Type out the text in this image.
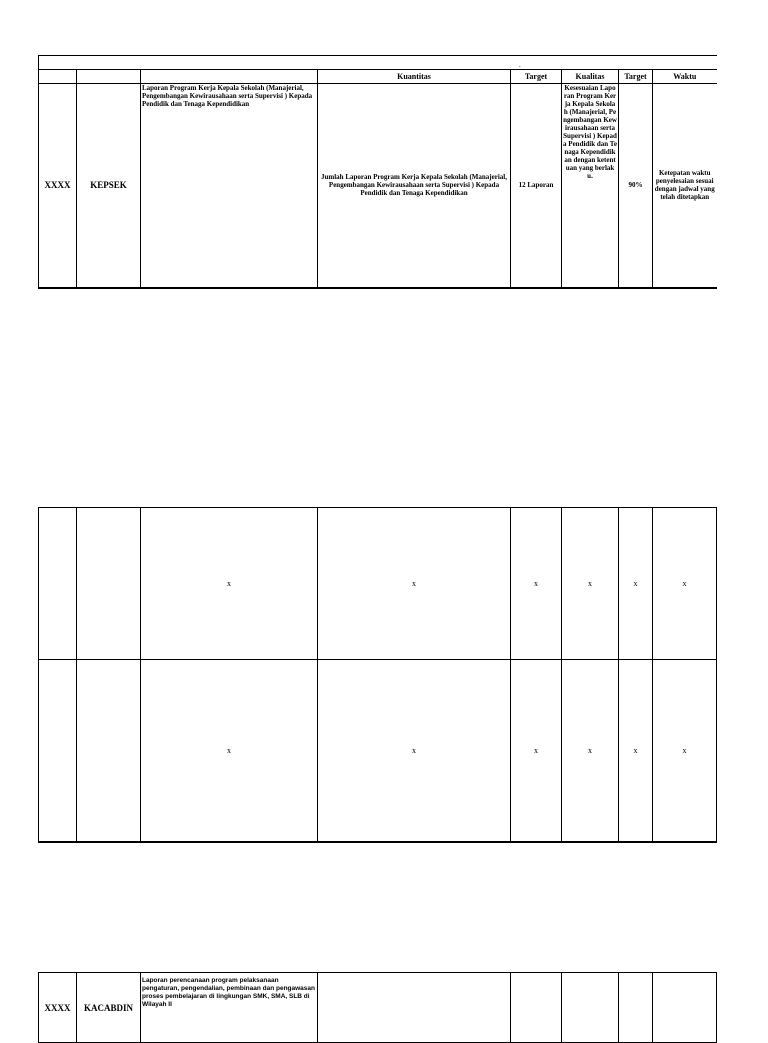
.							
			Kuantitas	Target	Kualitas	Target	Waktu
XXXX	KEPSEK	Laporan Program Kerja Kepala Sekolah (Manajerial, Pengembangan Kewirausahaan serta Supervisi ) Kepada Pendidik dan Tenaga Kependidikan	Jumlah Laporan Program Kerja Kepala Sekolah (Manajerial, Pengembangan Kewirausahaan serta Supervisi ) Kepada Pendidik dan Tenaga Kependidikan	12 Laporan	Kesesuaian Laporan Program Kerja Kepala Sekolah (Manajerial, Pengembangan Kewirausahaan serta Supervisi ) Kepada Pendidik dan Tenaga Kependidikan dengan ketentuan yang berlaku.	90%	Ketepatan waktu penyelesaian sesuai dengan jadwal yang telah ditetapkan
		x	x	x	x	x	x
		x	x	x	x	x	x
XXXX	KACABDIN	Laporan perencanaan program pelaksanaan pengaturan, pengendalian, pembinaan dan pengawasan proses pembelajaran di lingkungan SMK, SMA, SLB di Wilayah II					
